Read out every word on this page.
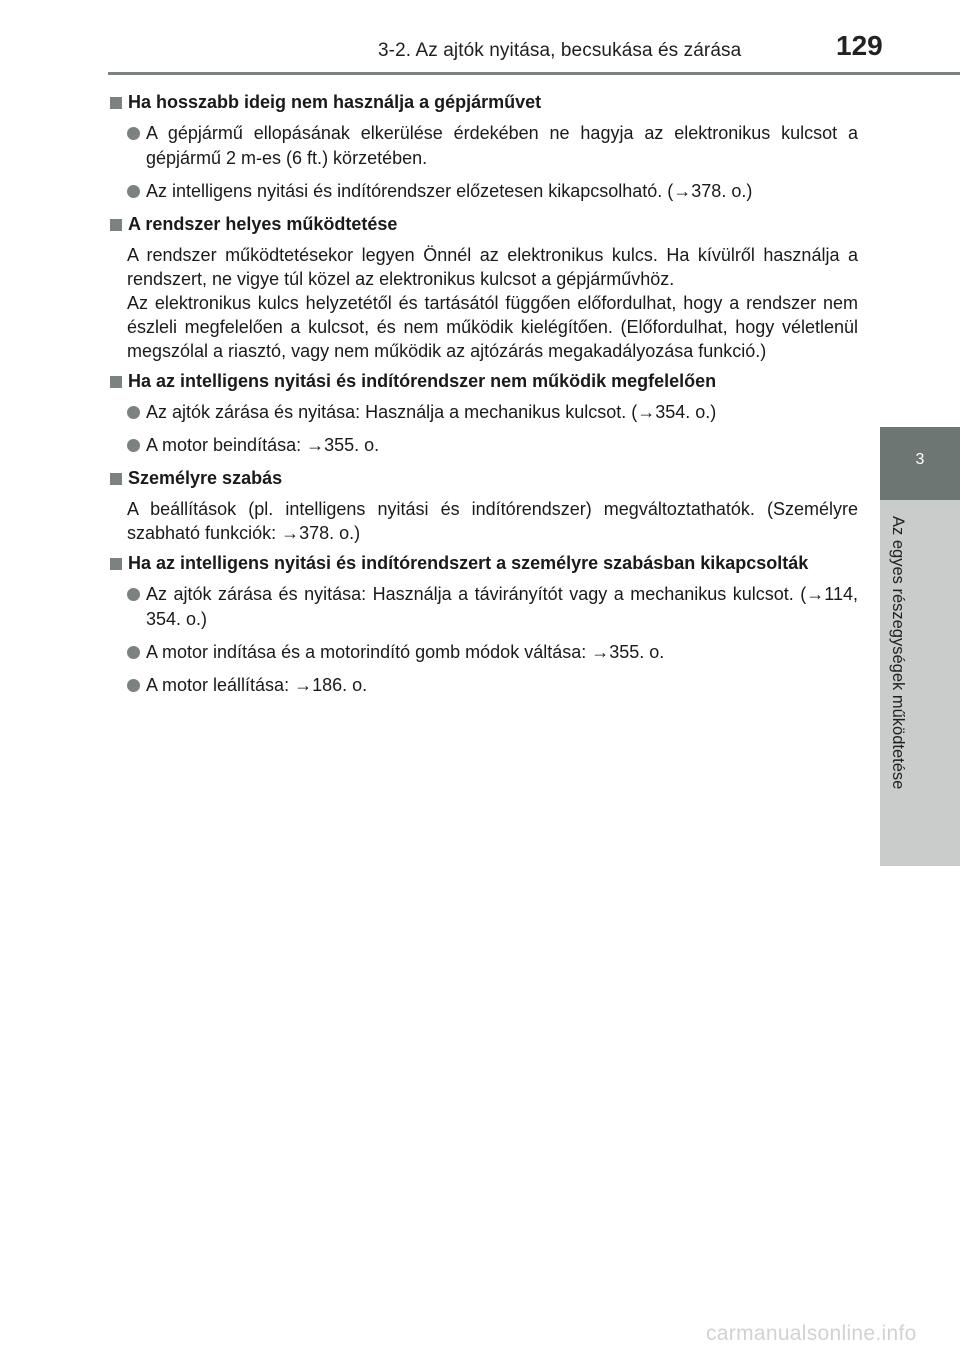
3-2. Az ajtók nyitása, becsukása és zárása	129
3
Az egyes részegységek működtetése
Ha hosszabb ideig nem használja a gépjárművet
A gépjármű ellopásának elkerülése érdekében ne hagyja az elektronikus kulcsot a gépjármű 2 m-es (6 ft.) körzetében.
Az intelligens nyitási és indítórendszer előzetesen kikapcsolható. (→378. o.)
A rendszer helyes működtetése
A rendszer működtetésekor legyen Önnél az elektronikus kulcs. Ha kívülről használja a rendszert, ne vigye túl közel az elektronikus kulcsot a gépjárművhöz.
Az elektronikus kulcs helyzetétől és tartásától függően előfordulhat, hogy a rendszer nem észleli megfelelően a kulcsot, és nem működik kielégítően. (Előfordulhat, hogy véletlenül megszólal a riasztó, vagy nem működik az ajtózárás megakadályozása funkció.)
Ha az intelligens nyitási és indítórendszer nem működik megfelelően
Az ajtók zárása és nyitása: Használja a mechanikus kulcsot. (→354. o.)
A motor beindítása: →355. o.
Személyre szabás
A beállítások (pl. intelligens nyitási és indítórendszer) megváltoztathatók. (Személyre szabható funkciók: →378. o.)
Ha az intelligens nyitási és indítórendszert a személyre szabásban kikapcsolták
Az ajtók zárása és nyitása: Használja a távirányítót vagy a mechanikus kulcsot. (→114, 354. o.)
A motor indítása és a motorindító gomb módok váltása: →355. o.
A motor leállítása: →186. o.
carmanualsonline.info
